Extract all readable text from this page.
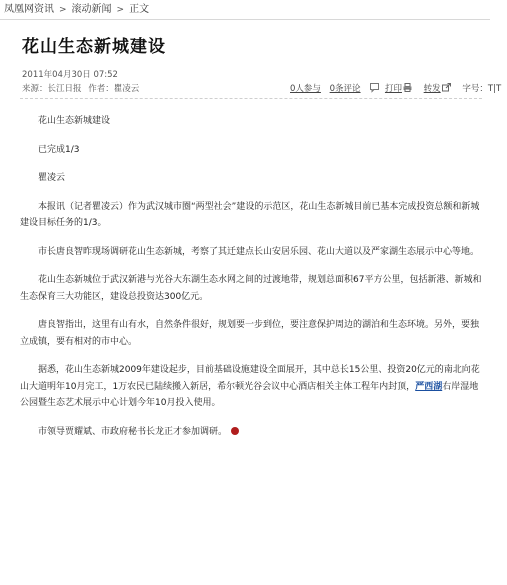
凤凰网资讯 > 滚动新闻 > 正文
花山生态新城建设
2011年04月30日 07:52
来源：长江日报 作者：瞿凌云	0人参与 0条评论	打印	转发	字号：T|T

花山生态新城建设

已完成1/3

瞿凌云

本报讯（记者瞿凌云）作为武汉城市圈“两型社会”建设的示范区，花山生态新城目前已基本完成投资总额和新城建设目标任务的1/3。

市长唐良智昨现场调研花山生态新城，考察了其迁建点长山安居乐园、花山大道以及严家湖生态展示中心等地。

花山生态新城位于武汉新港与光谷大东湖生态水网之间的过渡地带，规划总面积67平方公里，包括新港、新城和生态保育三大功能区，建设总投资达300亿元。

唐良智指出，这里有山有水，自然条件很好，规划要一步到位，要注意保护周边的湖泊和生态环境。另外，要独立成镇，要有相对的市中心。

据悉，花山生态新城2009年建设起步，目前基础设施建设全面展开，其中总长15公里、投资20亿元的南北向花山大道明年10月完工，1万农民已陆续搬入新居，希尔顿光谷会议中心酒店相关主体工程年内封顶，严西湖右岸湿地公园暨生态艺术展示中心计划今年10月投入使用。

市领导贾耀斌、市政府秘书长龙正才参加调研。
